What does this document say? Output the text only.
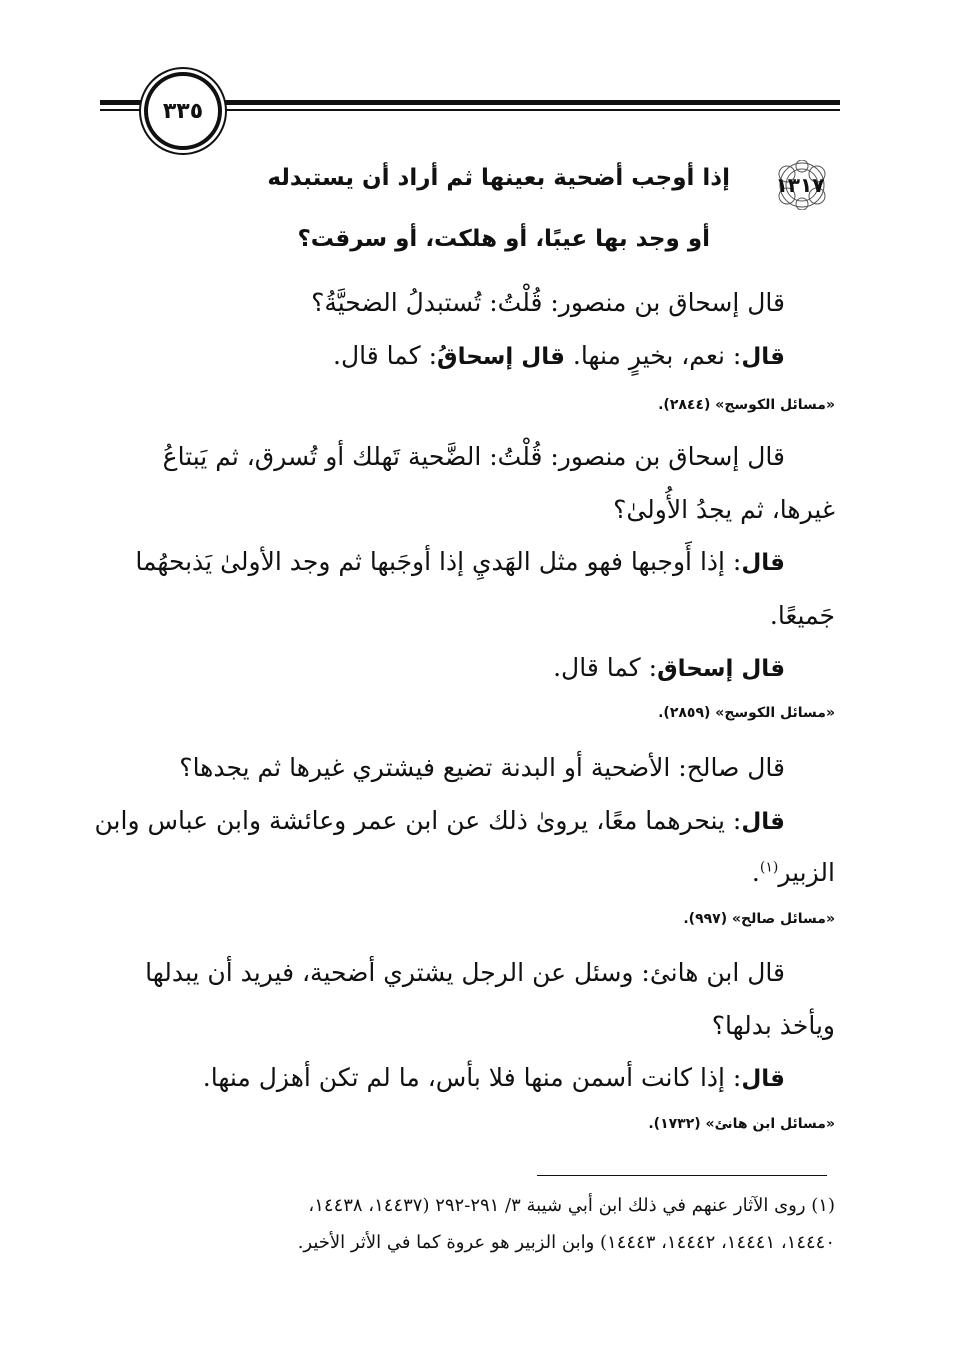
٣٣٥
١٣١٧
إذا أوجب أضحية بعينها ثم أراد أن يستبدله
أو وجد بها عيبًا، أو هلكت، أو سرقت؟
قال إسحاق بن منصور: قُلْتُ: تُستبدلُ الضحيَّةُ؟
قال: نعم، بخيرٍ منها. قال إسحاقُ: كما قال.
«مسائل الكوسج» (٢٨٤٤).
قال إسحاق بن منصور: قُلْتُ: الضَّحية تَهلك أو تُسرق، ثم يَبتاعُ
غيرها، ثم يجدُ الأُولىٰ؟
قال: إذا أَوجبها فهو مثل الهَديِ إذا أوجَبها ثم وجد الأولىٰ يَذبحهُما
جَميعًا.
قال إسحاق: كما قال.
«مسائل الكوسج» (٢٨٥٩).
قال صالح: الأضحية أو البدنة تضيع فيشتري غيرها ثم يجدها؟
قال: ينحرهما معًا، يرویٰ ذلك عن ابن عمر وعائشة وابن عباس وابن
الزبير$^{(١)}$.
«مسائل صالح» (٩٩٧).
قال ابن هانئ: وسئل عن الرجل يشتري أضحية، فيريد أن يبدلها
ويأخذ بدلها؟
قال: إذا كانت أسمن منها فلا بأس، ما لم تكن أهزل منها.
«مسائل ابن هانئ» (١٧٣٢).
(١) روى الآثار عنهم في ذلك ابن أبي شيبة ٣/ ٢٩١-٢٩٢ (١٤٤٣٧، ١٤٤٣٨،
١٤٤٤٠، ١٤٤٤١، ١٤٤٤٢، ١٤٤٤٣) وابن الزبير هو عروة كما في الأثر الأخير.
